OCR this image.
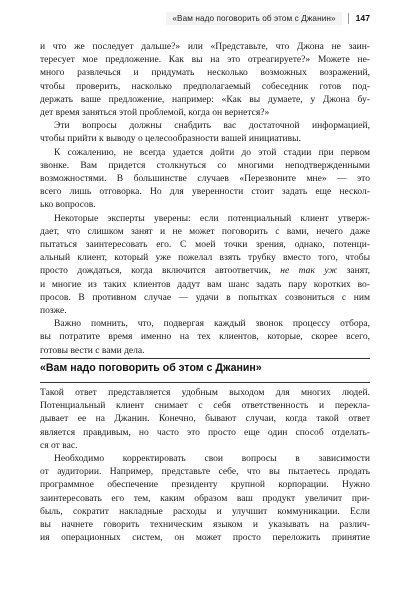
«Вам надо поговорить об этом с Джанин»	147

и что же последует дальше?» или «Представьте, что Джона не заин-
тересует мое предложение. Как вы на это отреагируете?» Можете не-
много развлечься и придумать несколько возможных возражений,
чтобы проверить, насколько предполагаемый собеседник готов под-
держать ваше предложение, например: «Как вы думаете, у Джона бу-
дет время заняться этой проблемой, когда он вернется?»

Эти вопросы должны снабдить вас достаточной информацией,
чтобы прийти к выводу о целесообразности вашей инициативы.

К сожалению, не всегда удается дойти до этой стадии при первом
звонке. Вам придется столкнуться со многими неподтвержденными
возможностями. В большинстве случаев «Перезвоните мне» — это
всего лишь отговорка. Но для уверенности стоит задать еще нескол-
ько вопросов.

Некоторые эксперты уверены: если потенциальный клиент утверж-
дает, что слишком занят и не может поговорить с вами, нечего даже
пытаться заинтересовать его. С моей точки зрения, однако, потенци-
альный клиент, который уже пожелал взять трубку вместо того, чтобы
просто дождаться, когда включится автоответчик, не так уж занят,
и многие из таких клиентов дадут вам шанс задать пару коротких во-
просов. В противном случае — удачи в попытках созвониться с ним
позже.

Важно помнить, что, подвергая каждый звонок процессу отбора,
вы потратите время именно на тех клиентов, которые, скорее всего,
готовы вести с вами дела.

«Вам надо поговорить об этом с Джанин»

Такой ответ представляется удобным выходом для многих людей.
Потенциальный клиент снимает с себя ответственность и перекла-
дывает ее на Джанин. Конечно, бывают случаи, когда такой ответ
является правдивым, но часто это просто еще один способ отделать-
ся от вас.

Необходимо корректировать свои вопросы в зависимости
от аудитории. Например, представьте себе, что вы пытаетесь продать
программное обеспечение президенту крупной корпорации. Нужно
заинтересовать его тем, каким образом ваш продукт увеличит при-
быль, сократит накладные расходы и улучшит коммуникации. Если
вы начнете говорить техническим языком и указывать на различ-
ия операционных систем, он может просто переложить принятие
